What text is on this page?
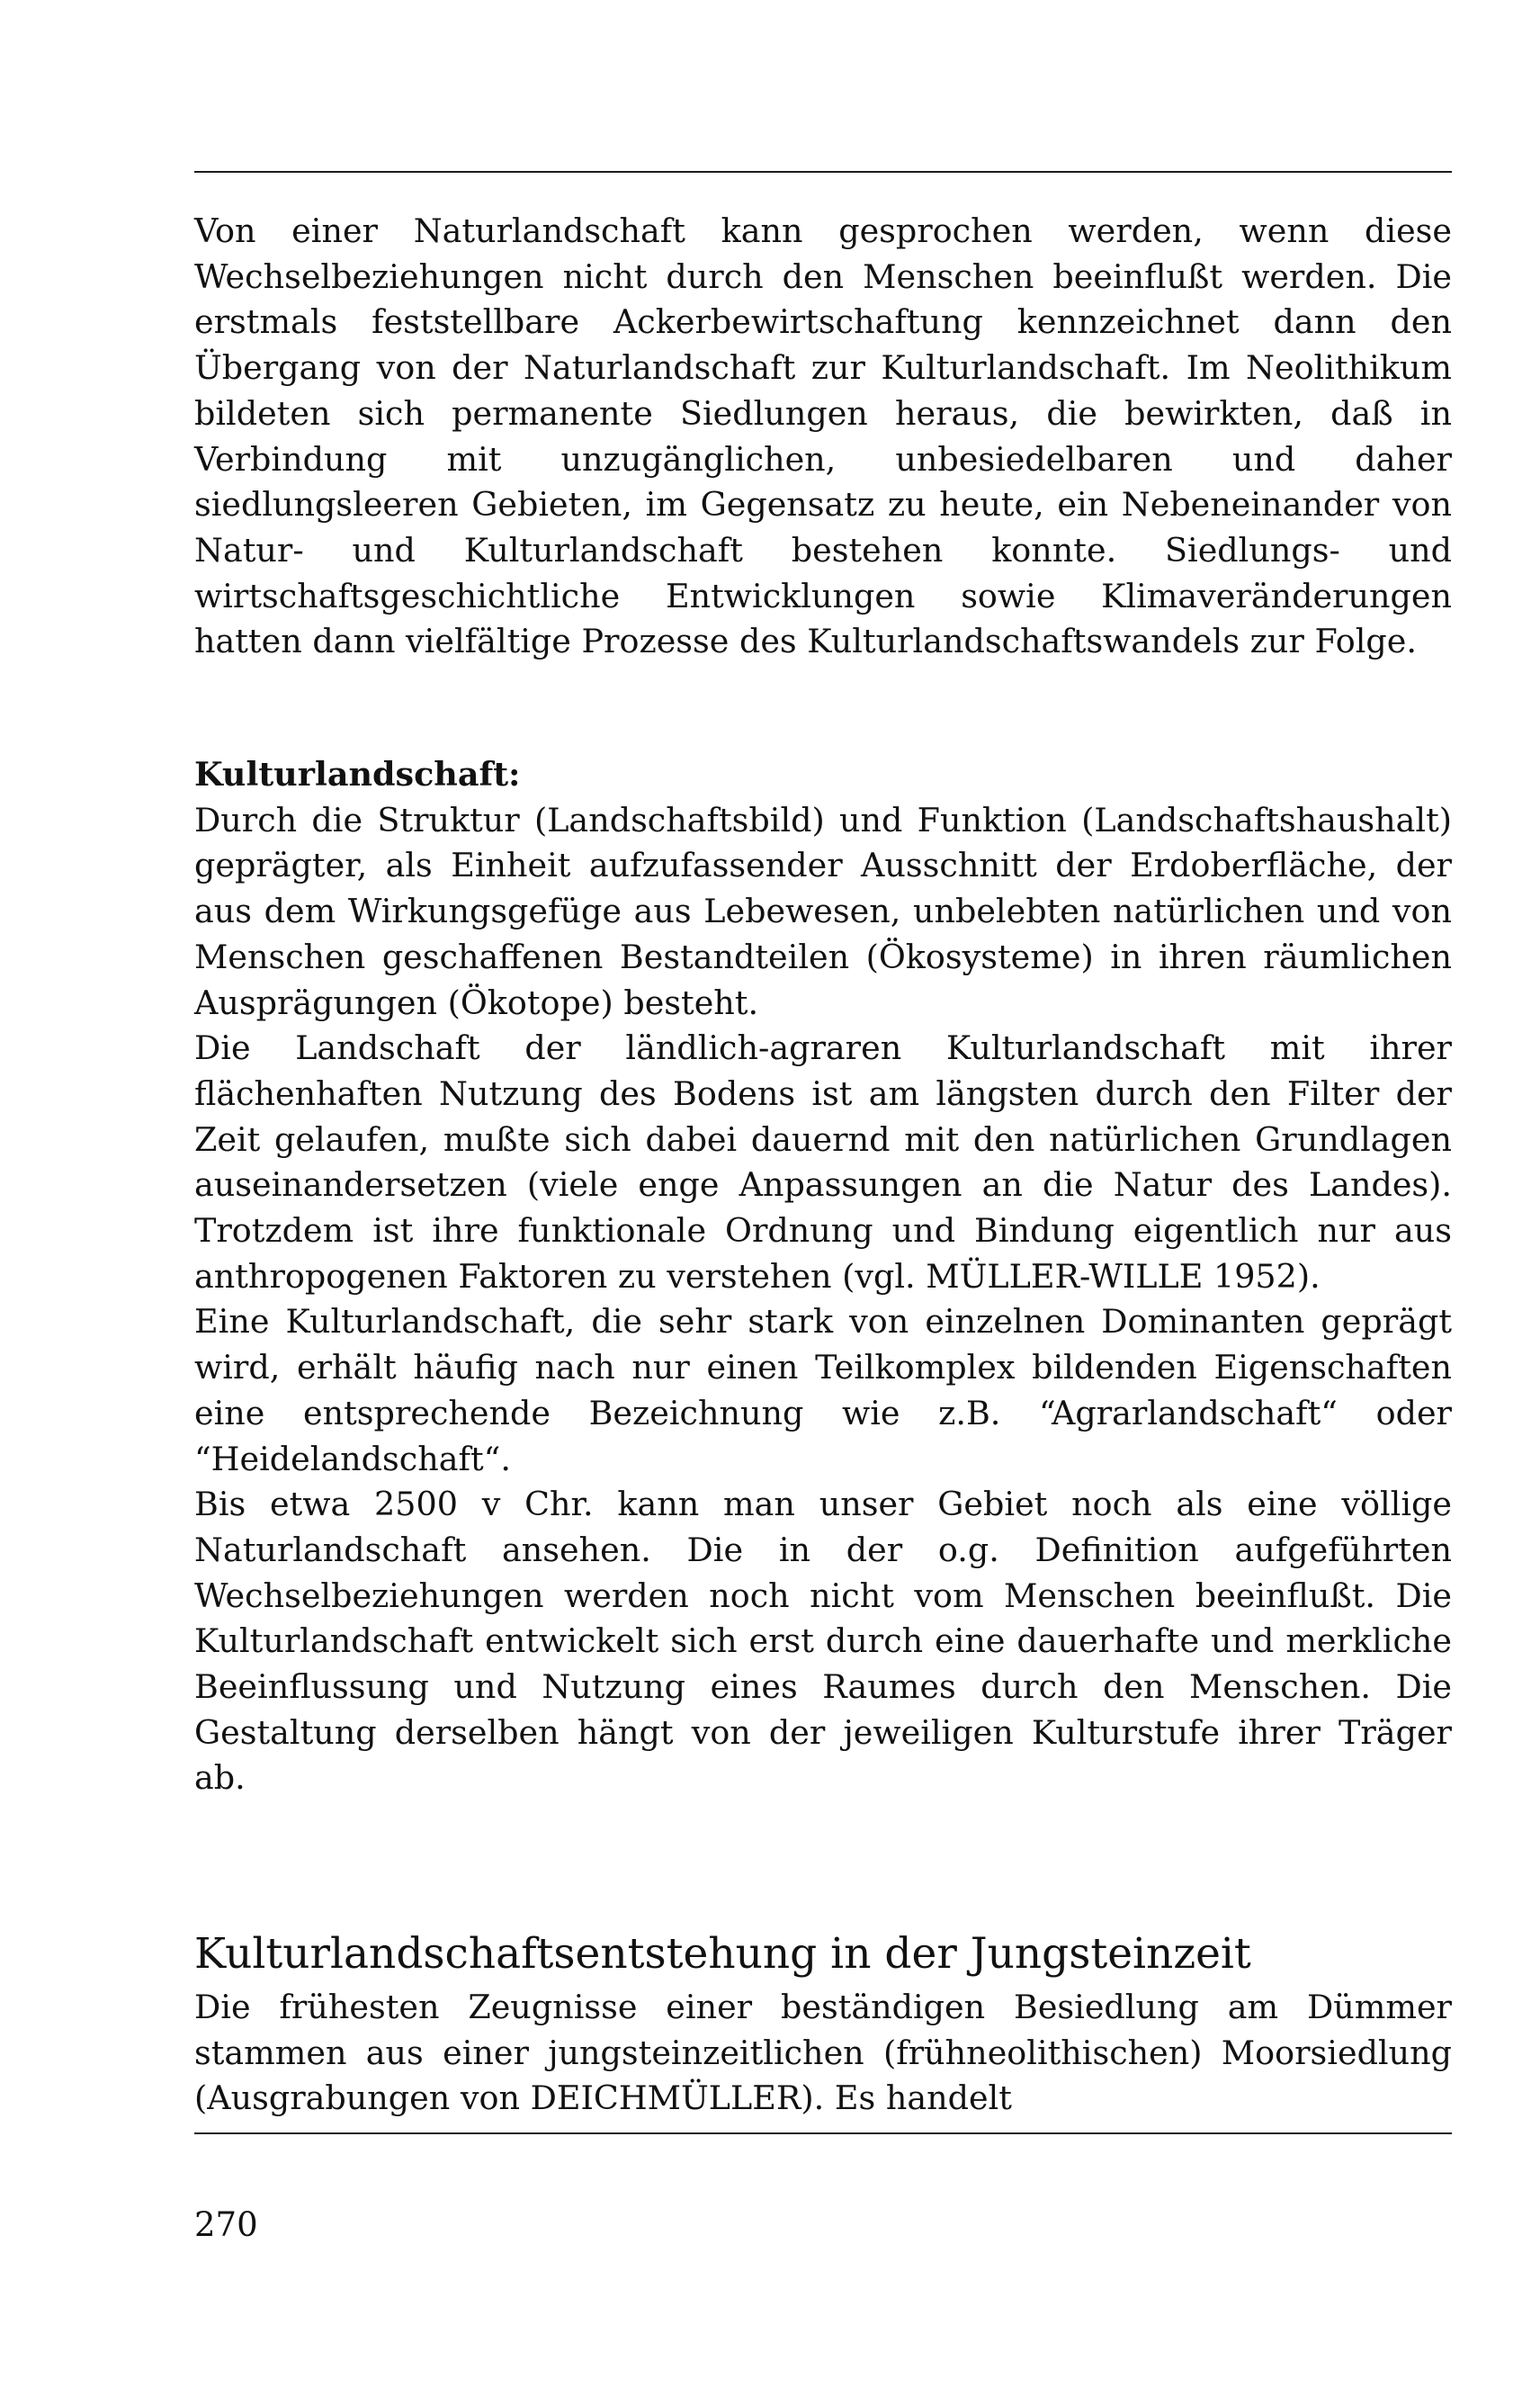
Von einer Naturlandschaft kann gesprochen werden, wenn diese Wechselbeziehungen nicht durch den Menschen beeinflußt werden. Die erstmals feststellbare Ackerbewirtschaftung kennzeichnet dann den Übergang von der Naturlandschaft zur Kulturlandschaft. Im Neolithikum bildeten sich permanente Siedlungen heraus, die bewirkten, daß in Verbindung mit unzugänglichen, unbesiedelbaren und daher siedlungsleeren Gebieten, im Gegensatz zu heute, ein Nebeneinander von Natur- und Kulturlandschaft bestehen konnte. Siedlungs- und wirtschaftsgeschichtliche Entwicklungen sowie Klimaveränderungen hatten dann vielfältige Prozesse des Kulturlandschaftswandels zur Folge.

Kulturlandschaft:

Durch die Struktur (Landschaftsbild) und Funktion (Landschaftshaushalt) geprägter, als Einheit aufzufassender Ausschnitt der Erdoberfläche, der aus dem Wirkungsgefüge aus Lebewesen, unbelebten natürlichen und von Menschen geschaffenen Bestandteilen (Ökosysteme) in ihren räumlichen Ausprägungen (Ökotope) besteht.

Die Landschaft der ländlich-agraren Kulturlandschaft mit ihrer flächenhaften Nutzung des Bodens ist am längsten durch den Filter der Zeit gelaufen, mußte sich dabei dauernd mit den natürlichen Grundlagen auseinandersetzen (viele enge Anpassungen an die Natur des Landes). Trotzdem ist ihre funktionale Ordnung und Bindung eigentlich nur aus anthropogenen Faktoren zu verstehen (vgl. MÜLLER-WILLE 1952).

Eine Kulturlandschaft, die sehr stark von einzelnen Dominanten geprägt wird, erhält häufig nach nur einen Teilkomplex bildenden Eigenschaften eine entsprechende Bezeichnung wie z.B. “Agrarlandschaft“ oder “Heidelandschaft“.

Bis etwa 2500 v Chr. kann man unser Gebiet noch als eine völlige Naturlandschaft ansehen. Die in der o.g. Definition aufgeführten Wechselbeziehungen werden noch nicht vom Menschen beeinflußt. Die Kulturlandschaft entwickelt sich erst durch eine dauerhafte und merkliche Beeinflussung und Nutzung eines Raumes durch den Menschen. Die Gestaltung derselben hängt von der jeweiligen Kulturstufe ihrer Träger ab.

Kulturlandschaftsentstehung in der Jungsteinzeit

Die frühesten Zeugnisse einer beständigen Besiedlung am Dümmer stammen aus einer jungsteinzeitlichen (frühneolithischen) Moorsiedlung (Ausgrabungen von DEICHMÜLLER). Es handelt

270
